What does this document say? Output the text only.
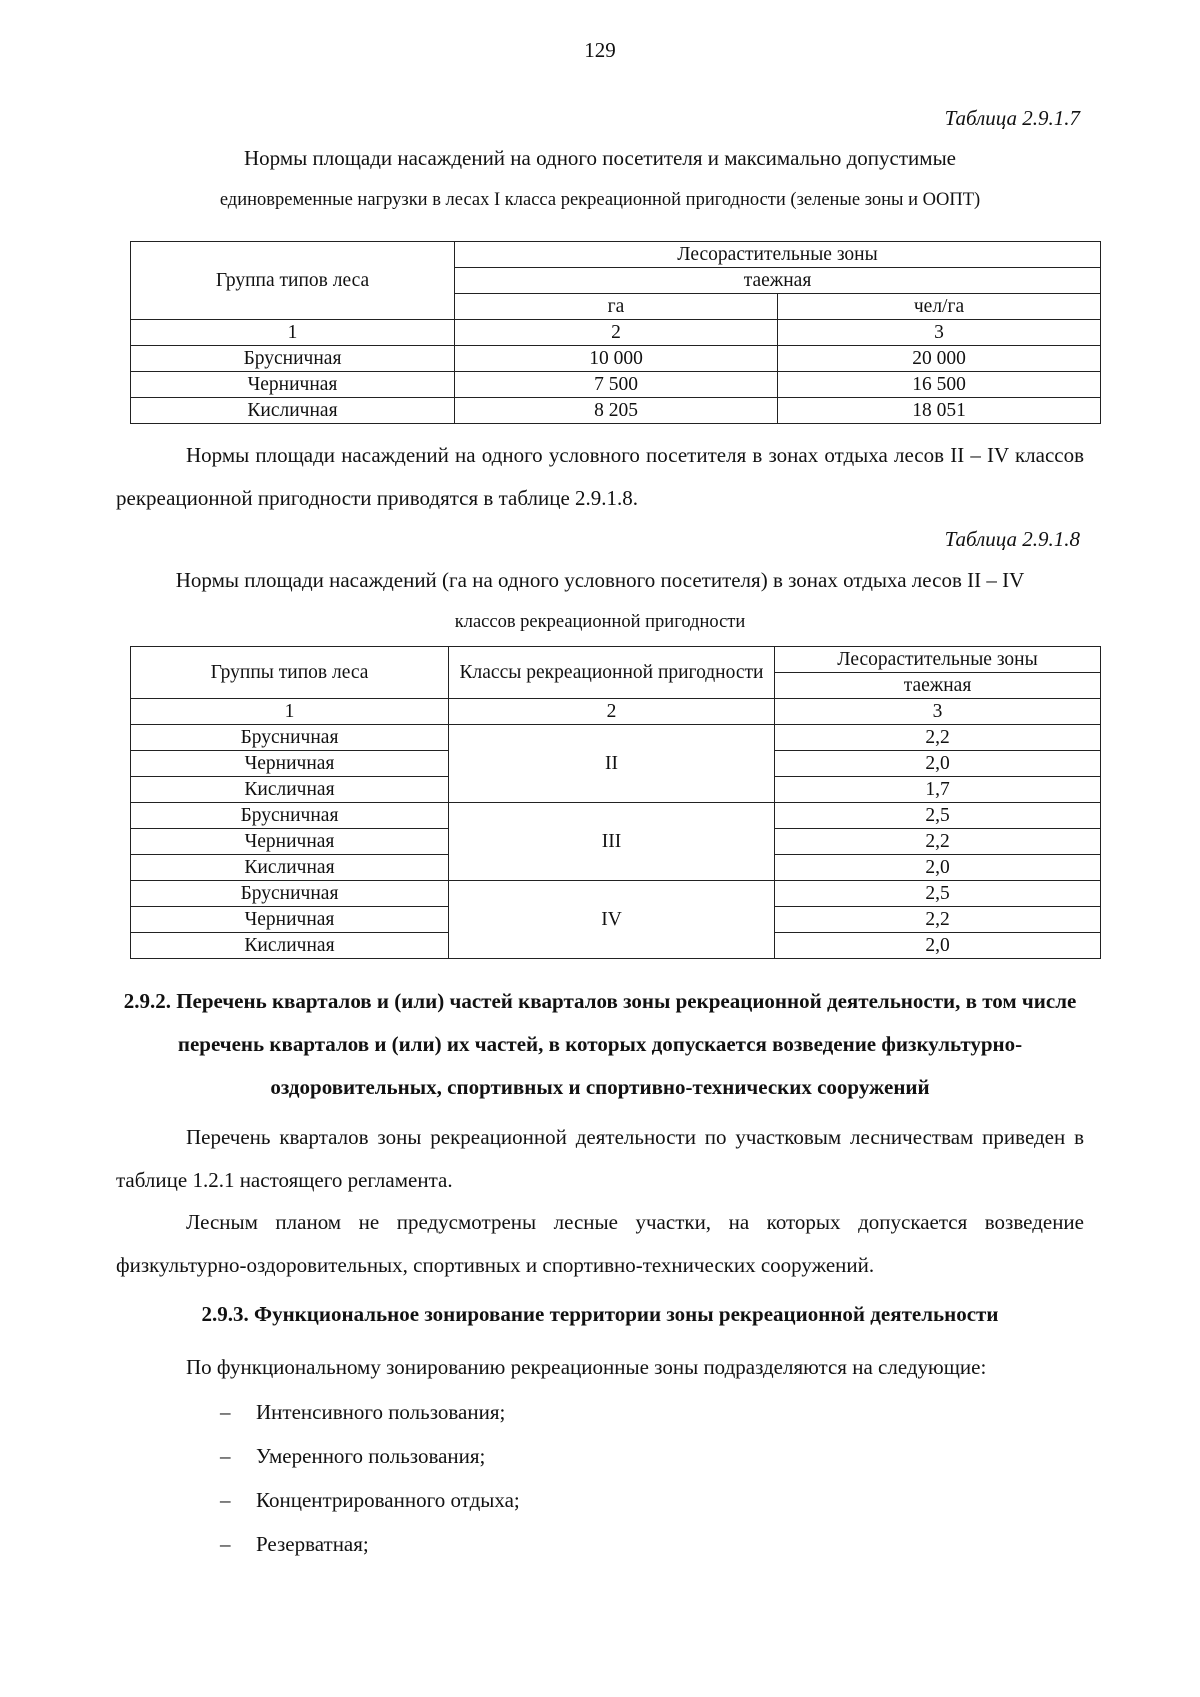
129
Таблица 2.9.1.7
Нормы площади насаждений на одного посетителя и максимально допустимые
единовременные нагрузки в лесах I класса рекреационной пригодности (зеленые зоны и ООПТ)
Группа типов леса	Лесорастительные зоны	
	таежная	
	га	чел/га
1	2	3
Брусничная	10 000	20 000
Черничная	7 500	16 500
Кисличная	8 205	18 051
Нормы площади насаждений на одного условного посетителя в зонах отдыха лесов II – IV классов рекреационной пригодности приводятся в таблице 2.9.1.8.
Таблица 2.9.1.8
Нормы площади насаждений (га на одного условного посетителя) в зонах отдыха лесов II – IV
классов рекреационной пригодности
Группы типов леса	Классы рекреационной пригодности	Лесорастительные зоны
		таежная
1	2	3
Брусничная	II	2,2
Черничная		2,0
Кисличная		1,7
Брусничная	III	2,5
Черничная		2,2
Кисличная		2,0
Брусничная	IV	2,5
Черничная		2,2
Кисличная		2,0
2.9.2. Перечень кварталов и (или) частей кварталов зоны рекреационной деятельности, в том числе перечень кварталов и (или) их частей, в которых допускается возведение физкультурно-оздоровительных, спортивных и спортивно-технических сооружений
Перечень кварталов зоны рекреационной деятельности по участковым лесничествам приведен в таблице 1.2.1 настоящего регламента.
Лесным планом не предусмотрены лесные участки, на которых допускается возведение физкультурно-оздоровительных, спортивных и спортивно-технических сооружений.
2.9.3. Функциональное зонирование территории зоны рекреационной деятельности
По функциональному зонированию рекреационные зоны подразделяются на следующие:
– Интенсивного пользования;
– Умеренного пользования;
– Концентрированного отдыха;
– Резерватная;
